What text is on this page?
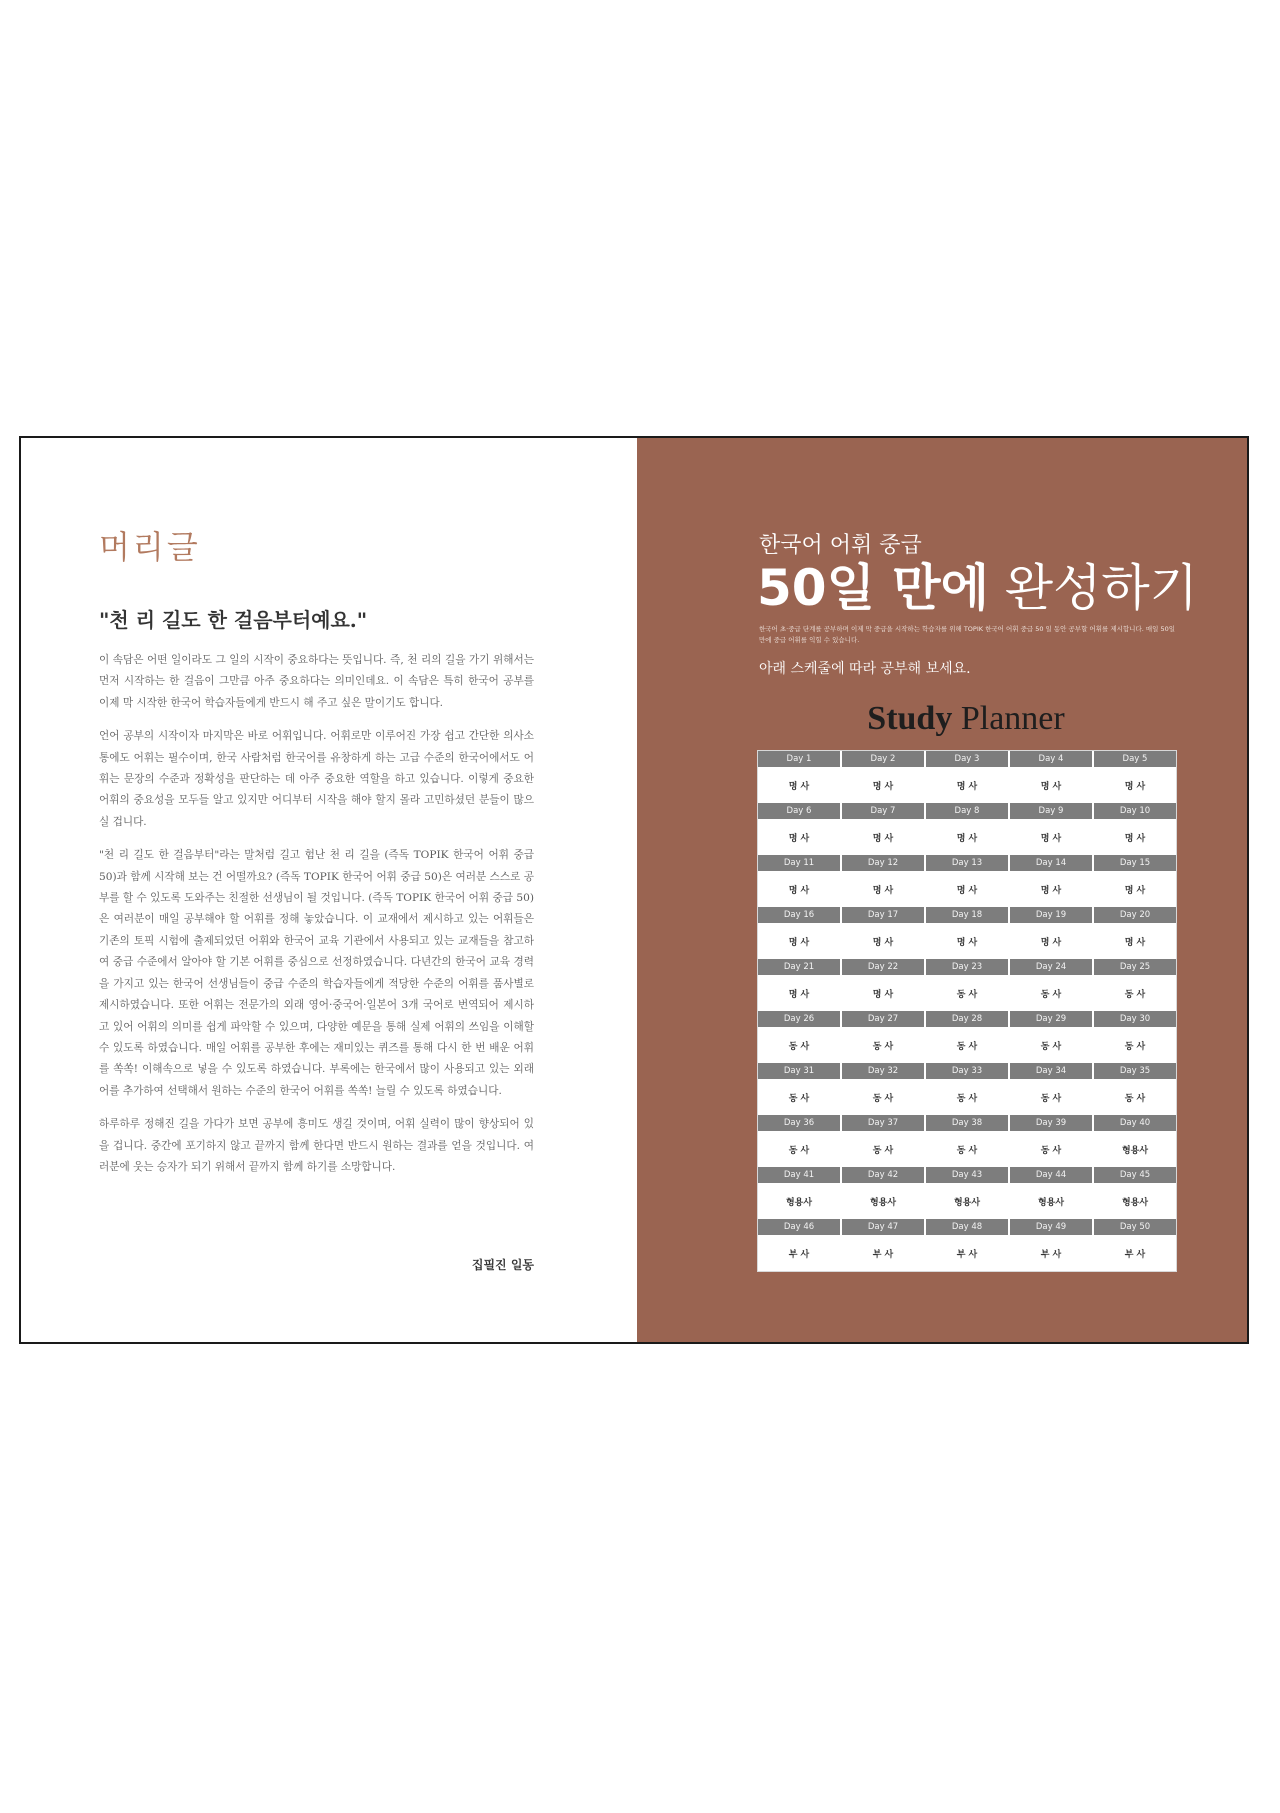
머리글
"천 리 길도 한 걸음부터예요."

이 속담은 어떤 일이라도 그 일의 시작이 중요하다는 뜻입니다. 즉, 천 리의 길을 가기 위해서는 먼저 시작하는 한 걸음이 그만큼 아주 중요하다는 의미인데요. 이 속담은 특히 한국어 공부를 이제 막 시작한 한국어 학습자들에게 반드시 해 주고 싶은 말이기도 합니다.

언어 공부의 시작이자 마지막은 바로 어휘입니다. 어휘로만 이루어진 가장 쉽고 간단한 의사소통에도 어휘는 필수이며, 한국 사람처럼 한국어를 유창하게 하는 고급 수준의 한국어에서도 어휘는 문장의 수준과 정확성을 판단하는 데 아주 중요한 역할을 하고 있습니다. 이렇게 중요한 어휘의 중요성을 모두들 알고 있지만 어디부터 시작을 해야 할지 몰라 고민하셨던 분들이 많으실 겁니다.

"천 리 길도 한 걸음부터"라는 말처럼 길고 험난 천 리 길을 (즉독 TOPIK 한국어 어휘 중급 50)과 함께 시작해 보는 건 어떨까요? (즉독 TOPIK 한국어 어휘 중급 50)은 여러분 스스로 공부를 할 수 있도록 도와주는 친절한 선생님이 될 것입니다. (즉독 TOPIK 한국어 어휘 중급 50)은 여러분이 매일 공부해야 할 어휘를 정해 놓았습니다. 이 교재에서 제시하고 있는 어휘들은 기존의 토픽 시험에 출제되었던 어휘와 한국어 교육 기관에서 사용되고 있는 교재들을 참고하여 중급 수준에서 알아야 할 기본 어휘를 중심으로 선정하였습니다. 다년간의 한국어 교육 경력을 가지고 있는 한국어 선생님들이 중급 수준의 학습자들에게 적당한 수준의 어휘를 품사별로 제시하였습니다. 또한 어휘는 전문가의 외래 영어·중국어·일본어 3개 국어로 번역되어 제시하고 있어 어휘의 의미를 쉽게 파악할 수 있으며, 다양한 예문을 통해 실제 어휘의 쓰임을 이해할 수 있도록 하였습니다. 매일 어휘를 공부한 후에는 재미있는 퀴즈를 통해 다시 한 번 배운 어휘를 쏙쏙! 이해속으로 넣을 수 있도록 하였습니다. 부록에는 한국에서 많이 사용되고 있는 외래어를 추가하여 선택해서 원하는 수준의 한국어 어휘를 쏙쏙! 늘릴 수 있도록 하였습니다.

하루하루 정해진 길을 가다가 보면 공부에 흥미도 생길 것이며, 어휘 실력이 많이 향상되어 있을 겁니다. 중간에 포기하지 않고 끝까지 함께 한다면 반드시 원하는 결과를 얻을 것입니다. 여러분에 웃는 승자가 되기 위해서 끝까지 함께 하기를 소망합니다.

집필진 일동
한국어 어휘 중급
50일 만에 완성하기
한국어 초·중급 단계를 공부하며 이제 막 중급을 시작하는 학습자를 위해 TOPIK 한국어 어휘 중급 50 일 동안 공부할 어휘를 제시합니다. 매일 50일 만에 중급 어휘를 익힐 수 있습니다.
아래 스케줄에 따라 공부해 보세요.
Study Planner
Day 1	Day 2	Day 3	Day 4	Day 5
명 사	명 사	명 사	명 사	명 사
Day 6	Day 7	Day 8	Day 9	Day 10
명 사	명 사	명 사	명 사	명 사
Day 11	Day 12	Day 13	Day 14	Day 15
명 사	명 사	명 사	명 사	명 사
Day 16	Day 17	Day 18	Day 19	Day 20
명 사	명 사	명 사	명 사	명 사
Day 21	Day 22	Day 23	Day 24	Day 25
명 사	명 사	동 사	동 사	동 사
Day 26	Day 27	Day 28	Day 29	Day 30
동 사	동 사	동 사	동 사	동 사
Day 31	Day 32	Day 33	Day 34	Day 35
동 사	동 사	동 사	동 사	동 사
Day 36	Day 37	Day 38	Day 39	Day 40
동 사	동 사	동 사	동 사	형용사
Day 41	Day 42	Day 43	Day 44	Day 45
형용사	형용사	형용사	형용사	형용사
Day 46	Day 47	Day 48	Day 49	Day 50
부 사	부 사	부 사	부 사	부 사
